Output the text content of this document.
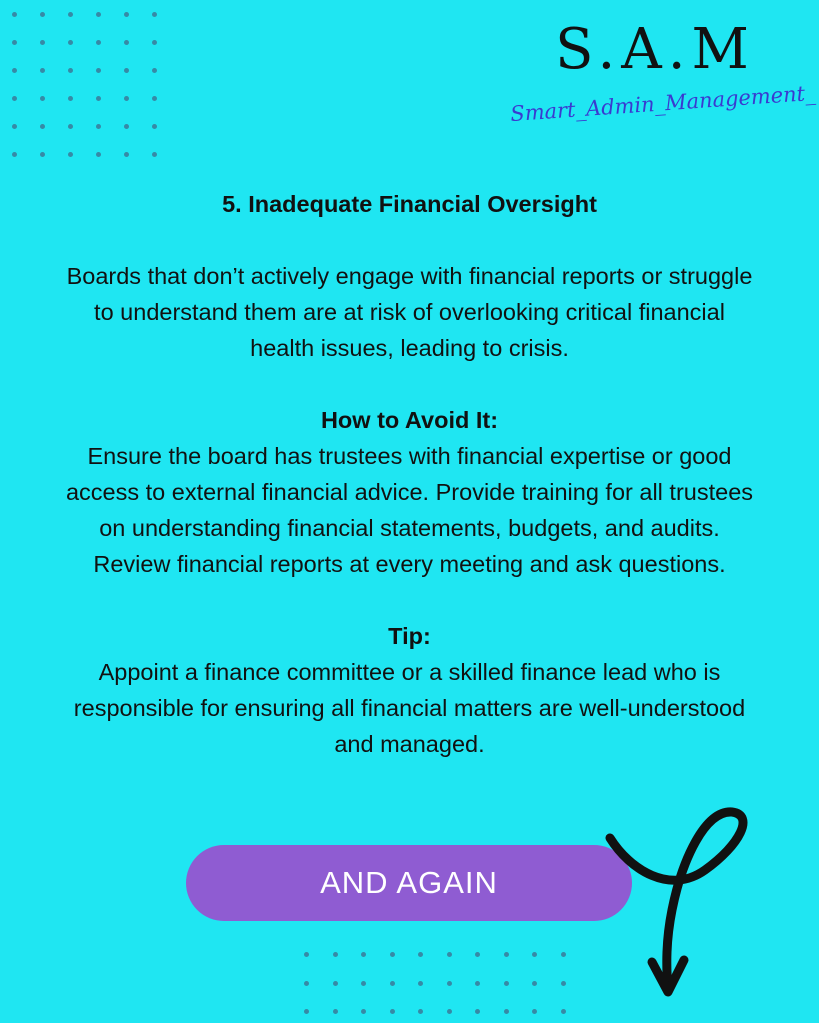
S.A.M
Smart_Admin_Management_

5. Inadequate Financial Oversight

Boards that don’t actively engage with financial reports or struggle to understand them are at risk of overlooking critical financial health issues, leading to crisis.

How to Avoid It:

Ensure the board has trustees with financial expertise or good access to external financial advice. Provide training for all trustees on understanding financial statements, budgets, and audits. Review financial reports at every meeting and ask questions.

Tip:

Appoint a finance committee or a skilled finance lead who is responsible for ensuring all financial matters are well-understood and managed.

AND AGAIN
